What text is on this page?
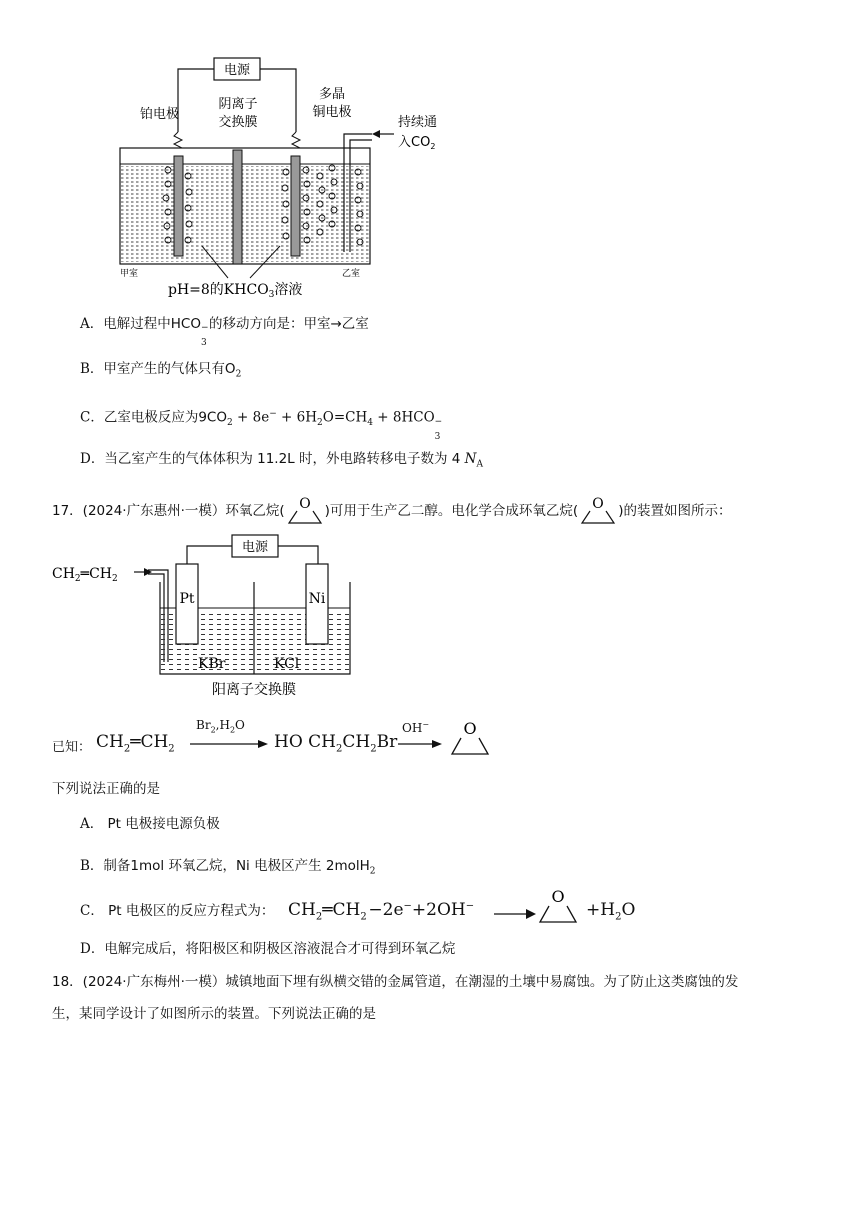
电源
铂电极
阴离子
交换膜
多晶
铜电极
持续通
入$CO_2$
甲室	乙室
pH=8的$KHCO_3$溶液
A．电解过程中HCO −
3
的移动方向是：甲室→乙室
B．甲室产生的气体只有$O_2$
C．乙室电极反应为$9CO_2 + 8e^- + 6H_2O=CH_4 + 8HCO$ −
3
D．当乙室产生的气体体积为 11.2L 时，外电路转移电子数为 4 $N_A$
17．(2024·广东惠州·一模）环氧乙烷( O )可用于生产乙二醇。电化学合成环氧乙烷( O )的装置如图所示：
电源
$CH_2═CH_2$
Pt	Ni
KBr	KCl
阳离子交换膜
已知： $CH_2═CH_2$
$Br_2,H_2O$
HO $CH_2CH_2Br$
OH− O
下列说法正确的是
A． Pt 电极接电源负极
B．制备1mol 环氧乙烷，Ni 电极区产生 2molH$_2$
C． Pt 电极区的反应方程式为： $CH_2═CH_2$  −2e−+2OH−	O
$+H_2O$
D．电解完成后，将阳极区和阴极区溶液混合才可得到环氧乙烷
18．(2024·广东梅州·一模）城镇地面下埋有纵横交错的金属管道，在潮湿的土壤中易腐蚀。为了防止这类腐蚀的发
生，某同学设计了如图所示的装置。下列说法正确的是
